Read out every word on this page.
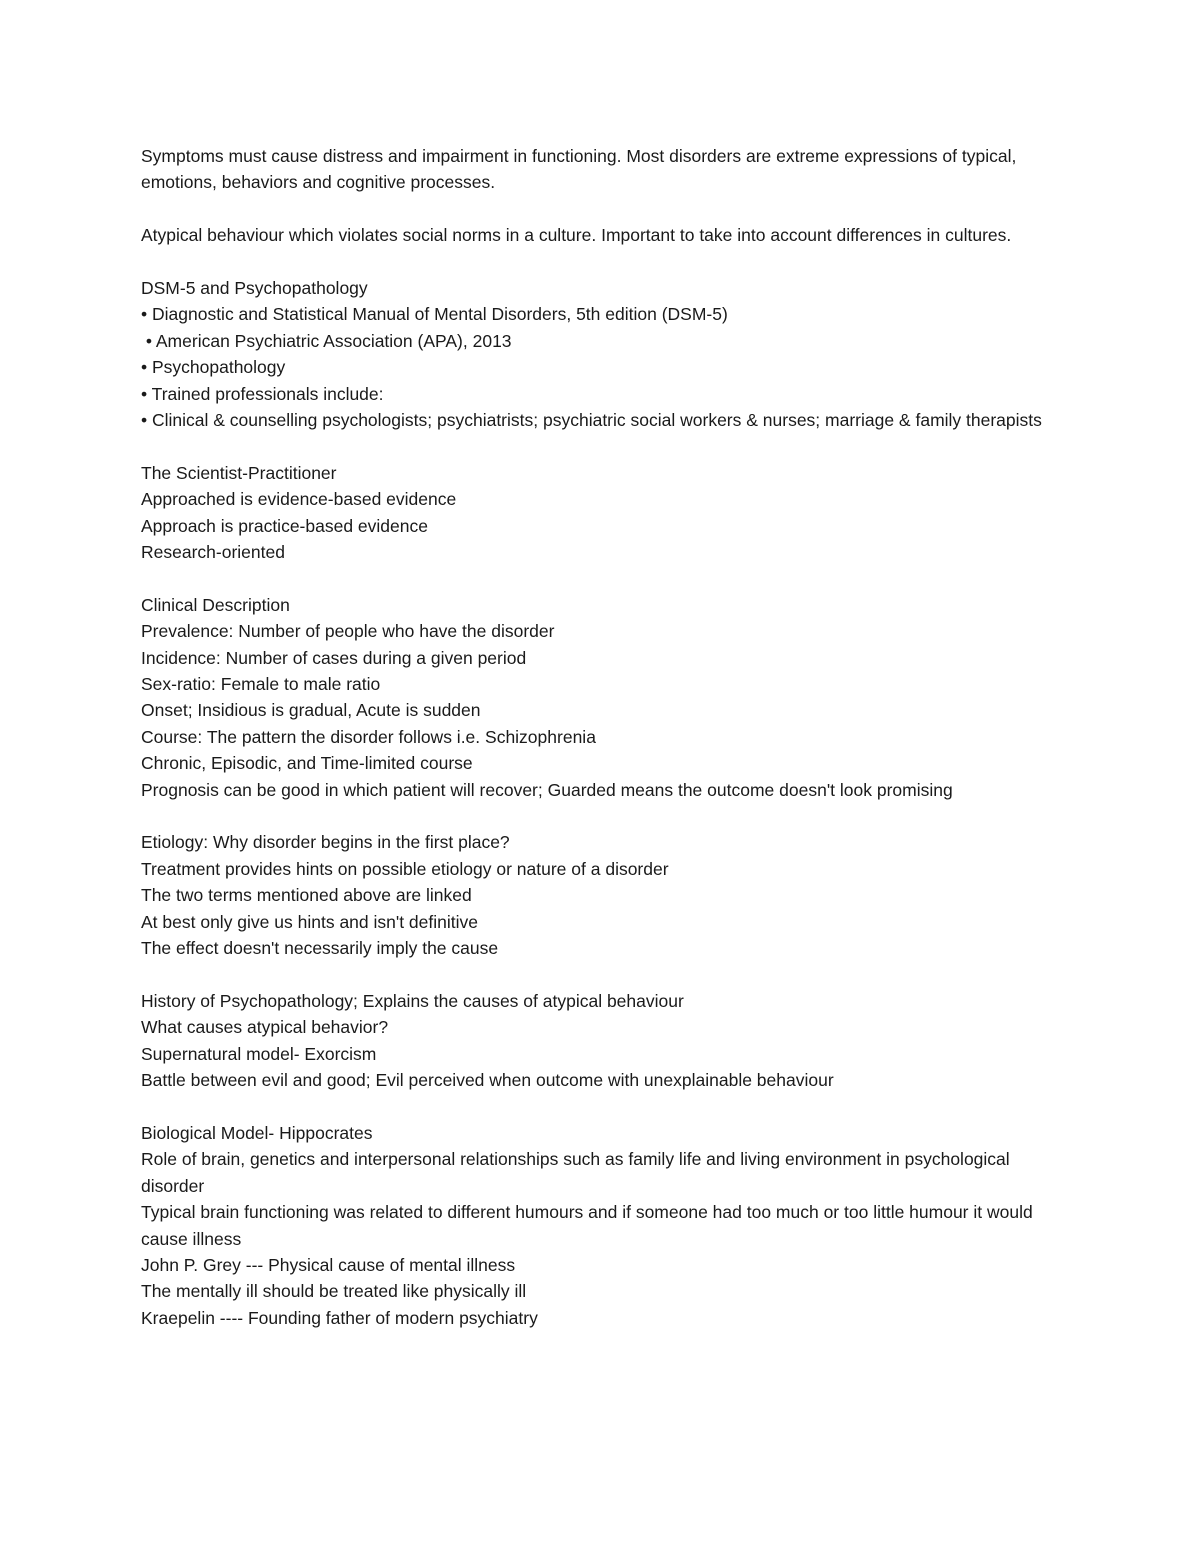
Symptoms must cause distress and impairment in functioning. Most disorders are extreme expressions of typical, emotions, behaviors and cognitive processes.

Atypical behaviour which violates social norms in a culture. Important to take into account differences in cultures.

DSM-5 and Psychopathology

• Diagnostic and Statistical Manual of Mental Disorders, 5th edition (DSM-5)

• American Psychiatric Association (APA), 2013

• Psychopathology

• Trained professionals include:

• Clinical & counselling psychologists; psychiatrists; psychiatric social workers & nurses; marriage & family therapists

The Scientist-Practitioner

Approached is evidence-based evidence

Approach is practice-based evidence

Research-oriented

Clinical Description

Prevalence: Number of people who have the disorder

Incidence: Number of cases during a given period

Sex-ratio: Female to male ratio

Onset; Insidious is gradual, Acute is sudden

Course: The pattern the disorder follows i.e. Schizophrenia

Chronic, Episodic, and Time-limited course

Prognosis can be good in which patient will recover; Guarded means the outcome doesn't look promising

Etiology: Why disorder begins in the first place?

Treatment provides hints on possible etiology or nature of a disorder

The two terms mentioned above are linked

At best only give us hints and isn't definitive

The effect doesn't necessarily imply the cause

History of Psychopathology; Explains the causes of atypical behaviour

What causes atypical behavior?

Supernatural model- Exorcism

Battle between evil and good; Evil perceived when outcome with unexplainable behaviour

Biological Model- Hippocrates

Role of brain, genetics and interpersonal relationships such as family life and living environment in psychological disorder

Typical brain functioning was related to different humours and if someone had too much or too little humour it would cause illness

John P. Grey --- Physical cause of mental illness

The mentally ill should be treated like physically ill

Kraepelin ---- Founding father of modern psychiatry
